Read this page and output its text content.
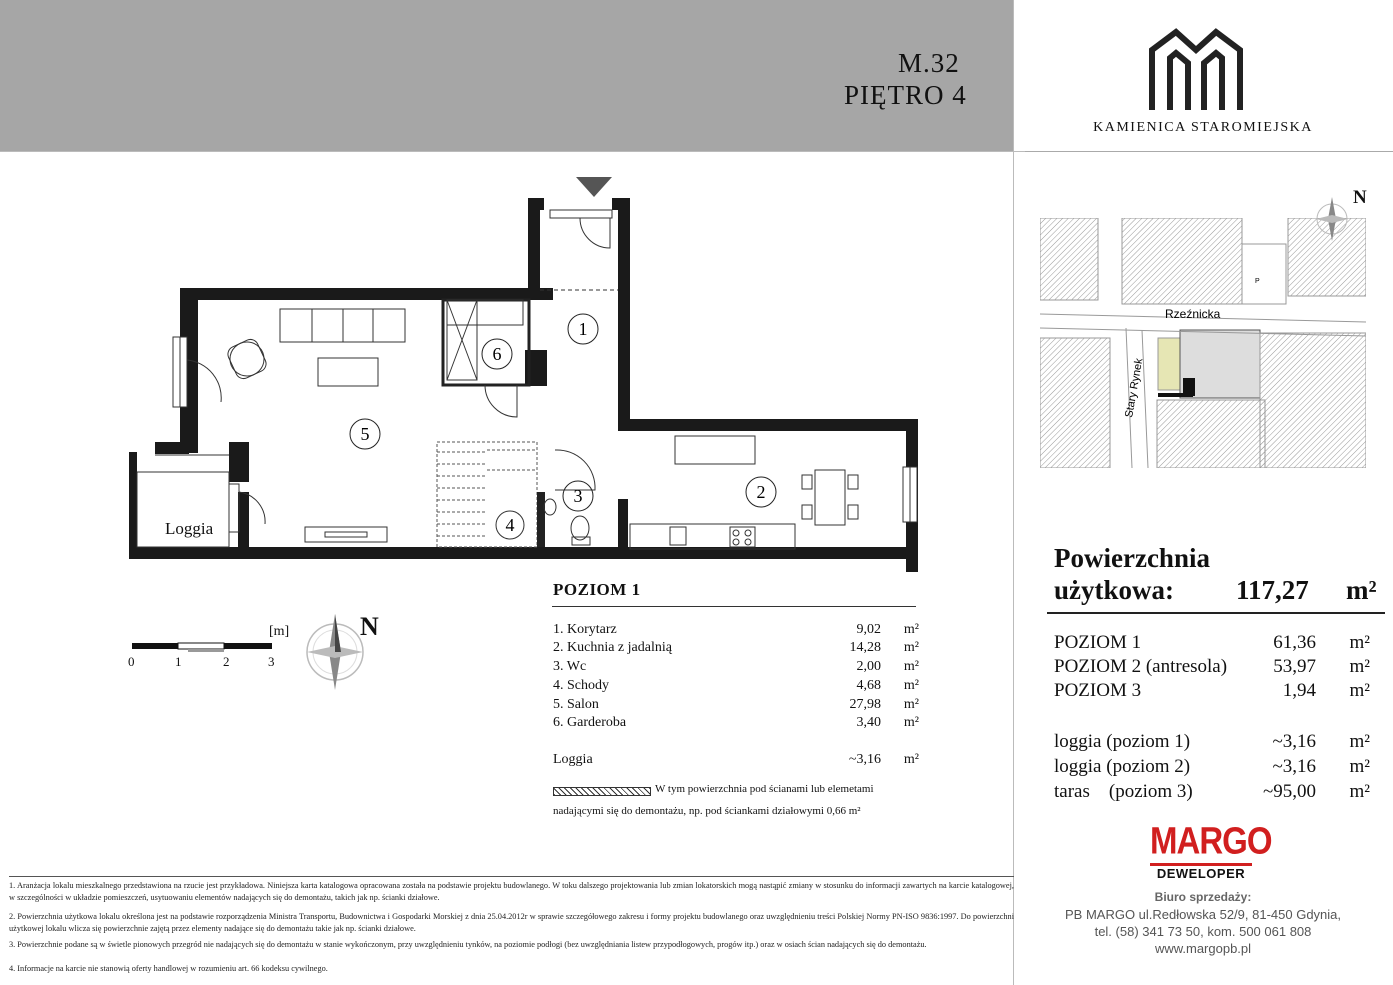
M.32
PIĘTRO 4
KAMIENICA STAROMIEJSKA
1
2
3
4
5
6
Loggia
[m]
0	1	2	3
N
POZIOM 1
1. Korytarz	9,02 m²
2. Kuchnia z jadalnią	14,28 m²
3. Wc	2,00 m²
4. Schody	4,68 m²
5. Salon	27,98 m²
6. Garderoba	3,40 m²
Loggia	~3,16 m²
W tym powierzchnia pod ścianami lub elemetami
nadającymi się do demontażu, np. pod ściankami działowymi 0,66 m²
Rzeźnicka
Stary Rynek
P
N
Powierzchnia
użytkowa: 117,27 m²
POZIOM 1	61,36 m²
POZIOM 2 (antresola) 53,97 m²
POZIOM 3	1,94 m²
loggia (poziom 1)	~3,16 m²
loggia (poziom 2)	~3,16 m²
taras    (poziom 3)	~95,00 m²
MARGO
DEWELOPER
Biuro sprzedaży:
PB MARGO ul.Redłowska 52/9, 81-450 Gdynia,
tel. (58) 341 73 50, kom. 500 061 808
www.margopb.pl
1. Aranżacja lokalu mieszkalnego przedstawiona na rzucie jest przykładowa. Niniejsza karta katalogowa opracowana została na podstawie projektu budowlanego. W toku dalszego projektowania lub zmian lokatorskich mogą nastąpić zmiany w stosunku do informacji zawartych na karcie katalogowej, w szczególności w układzie pomieszczeń, usytuowaniu elementów nadających się do demontażu, takich jak np. ścianki działowe.
2. Powierzchnia użytkowa lokalu określona jest na podstawie rozporządzenia Ministra Transportu, Budownictwa i Gospodarki Morskiej z dnia 25.04.2012r w sprawie szczegółowego zakresu i formy projektu budowlanego oraz uwzględnieniu treści Polskiej Normy PN-ISO 9836:1997. Do powierzchni użytkowej lokalu wlicza się powierzchnie zajętą przez elementy nadające się do demontażu takie jak np. ścianki działowe.
3. Powierzchnie podane są w świetle pionowych przegród nie nadających się do demontażu w stanie wykończonym, przy uwzględnieniu tynków, na poziomie podłogi (bez uwzględniania listew przypodłogowych, progów itp.) oraz w osiach ścian nadających się do demontażu.
4. Informacje na karcie nie stanowią oferty handlowej w rozumieniu art. 66 kodeksu cywilnego.
